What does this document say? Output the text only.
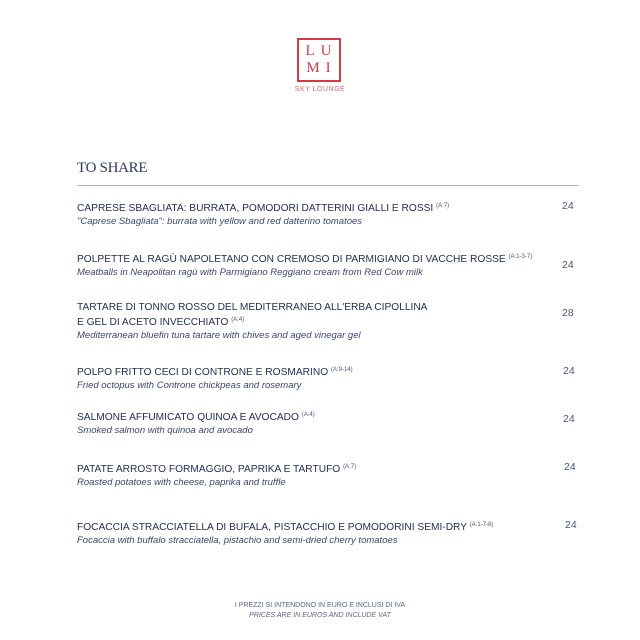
LU
MI
SKY LOUNGE
TO SHARE
CAPRESE SBAGLIATA: BURRATA, POMODORI DATTERINI GIALLI E ROSSI $^{(A:7)}$
"Caprese Sbagliata": burrata with yellow and red datterino tomatoes
24
POLPETTE AL RAGÙ NAPOLETANO CON CREMOSO DI PARMIGIANO DI VACCHE ROSSE $^{(A:1-3-7)}$
Meatballs in Neapolitan ragù with Parmigiano Reggiano cream from Red Cow milk
24
TARTARE DI TONNO ROSSO DEL MEDITERRANEO ALL'ERBA CIPOLLINA
E GEL DI ACETO INVECCHIATO $^{(A:4)}$
Mediterranean bluefin tuna tartare with chives and aged vinegar gel
28
POLPO FRITTO CECI DI CONTRONE E ROSMARINO $^{(A:9-14)}$
Fried octopus with Controne chickpeas and rosemary
24
SALMONE AFFUMICATO QUINOA E AVOCADO $^{(A:4)}$
Smoked salmon with quinoa and avocado
24
PATATE ARROSTO FORMAGGIO, PAPRIKA E TARTUFO $^{(A:7)}$
Roasted potatoes with cheese, paprika and truffle
24
FOCACCIA STRACCIATELLA DI BUFALA, PISTACCHIO E POMODORINI SEMI-DRY $^{(A:1-7-8)}$
Focaccia with buffalo stracciatella, pistachio and semi-dried cherry tomatoes
24
I PREZZI SI INTENDONO IN EURO E INCLUSI DI IVA
PRICES ARE IN EUROS AND INCLUDE VAT
